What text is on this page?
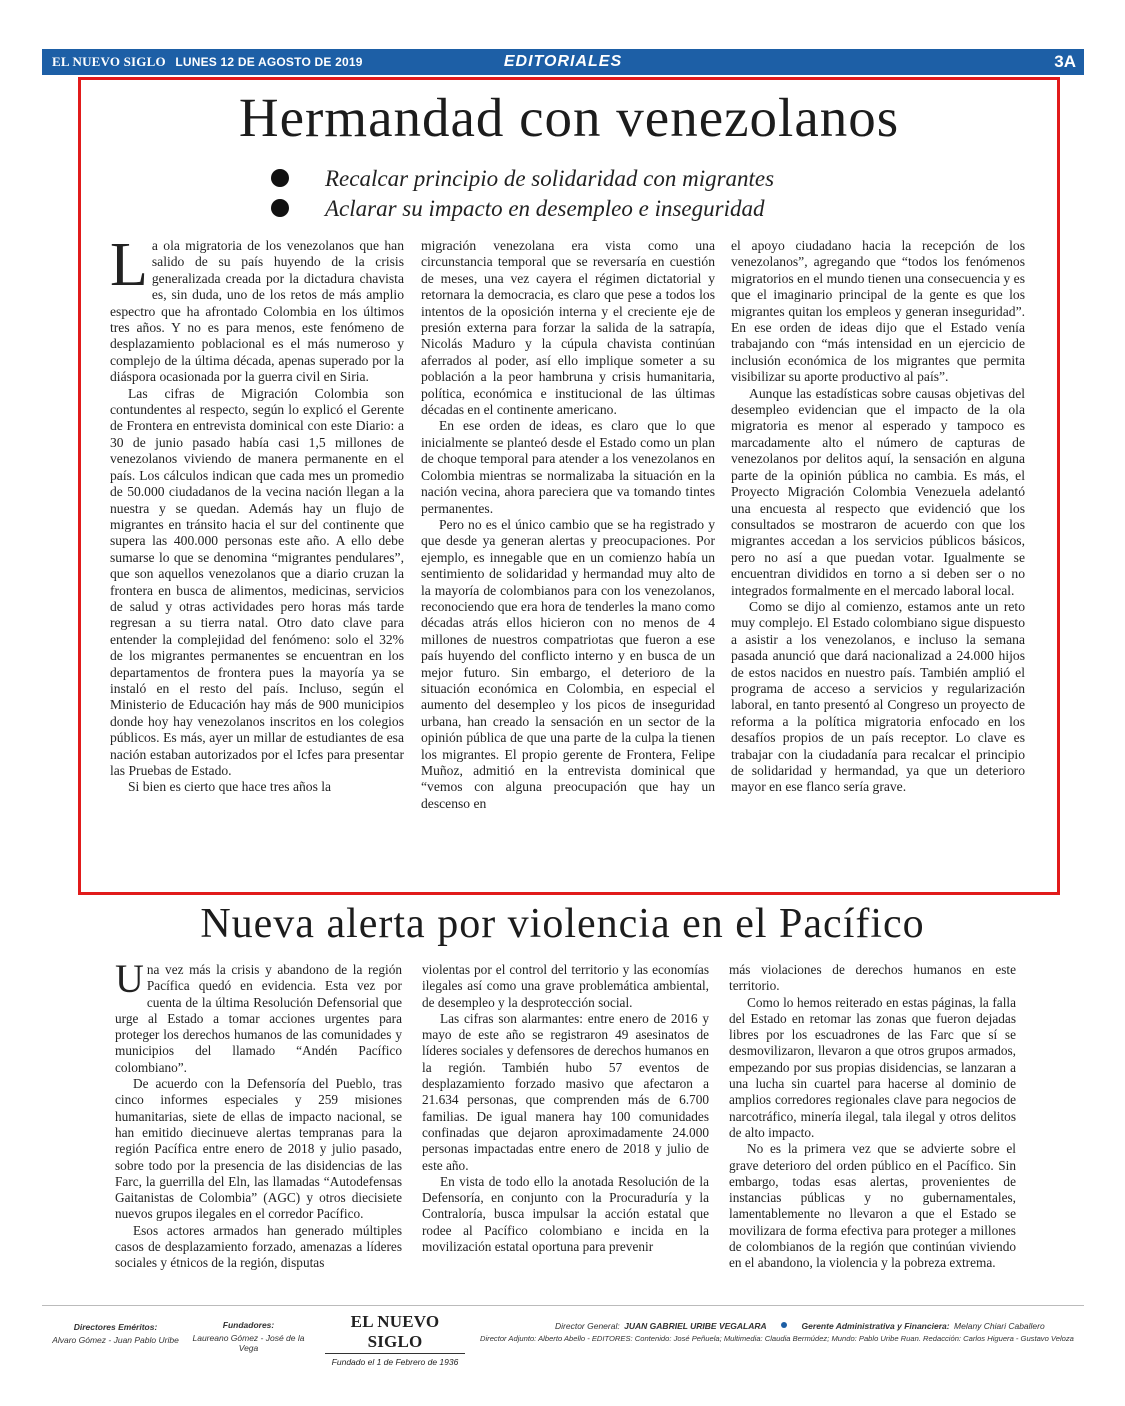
EL NUEVO SIGLO LUNES 12 DE AGOSTO DE 2019	EDITORIALES	3A
Hermandad con venezolanos
Recalcar principio de solidaridad con migrantes
Aclarar su impacto en desempleo e inseguridad

La ola migratoria de los venezolanos que han salido de su país huyendo de la crisis generalizada creada por la dictadura chavista es, sin duda, uno de los retos de más amplio espectro que ha afrontado Colombia en los últimos tres años. Y no es para menos, este fenómeno de desplazamiento poblacional es el más numeroso y complejo de la última década, apenas superado por la diáspora ocasionada por la guerra civil en Siria.

Las cifras de Migración Colombia son contundentes al respecto, según lo explicó el Gerente de Frontera en entrevista dominical con este Diario: a 30 de junio pasado había casi 1,5 millones de venezolanos viviendo de manera permanente en el país. Los cálculos indican que cada mes un promedio de 50.000 ciudadanos de la vecina nación llegan a la nuestra y se quedan. Además hay un flujo de migrantes en tránsito hacia el sur del continente que supera las 400.000 personas este año. A ello debe sumarse lo que se denomina “migrantes pendulares”, que son aquellos venezolanos que a diario cruzan la frontera en busca de alimentos, medicinas, servicios de salud y otras actividades pero horas más tarde regresan a su tierra natal. Otro dato clave para entender la complejidad del fenómeno: solo el 32% de los migrantes permanentes se encuentran en los departamentos de frontera pues la mayoría ya se instaló en el resto del país. Incluso, según el Ministerio de Educación hay más de 900 municipios donde hoy hay venezolanos inscritos en los colegios públicos. Es más, ayer un millar de estudiantes de esa nación estaban autorizados por el Icfes para presentar las Pruebas de Estado.

Si bien es cierto que hace tres años la

migración venezolana era vista como una circunstancia temporal que se reversaría en cuestión de meses, una vez cayera el régimen dictatorial y retornara la democracia, es claro que pese a todos los intentos de la oposición interna y el creciente eje de presión externa para forzar la salida de la satrapía, Nicolás Maduro y la cúpula chavista continúan aferrados al poder, así ello implique someter a su población a la peor hambruna y crisis humanitaria, política, económica e institucional de las últimas décadas en el continente americano.

En ese orden de ideas, es claro que lo que inicialmente se planteó desde el Estado como un plan de choque temporal para atender a los venezolanos en Colombia mientras se normalizaba la situación en la nación vecina, ahora pareciera que va tomando tintes permanentes.

Pero no es el único cambio que se ha registrado y que desde ya generan alertas y preocupaciones. Por ejemplo, es innegable que en un comienzo había un sentimiento de solidaridad y hermandad muy alto de la mayoría de colombianos para con los venezolanos, reconociendo que era hora de tenderles la mano como décadas atrás ellos hicieron con no menos de 4 millones de nuestros compatriotas que fueron a ese país huyendo del conflicto interno y en busca de un mejor futuro. Sin embargo, el deterioro de la situación económica en Colombia, en especial el aumento del desempleo y los picos de inseguridad urbana, han creado la sensación en un sector de la opinión pública de que una parte de la culpa la tienen los migrantes. El propio gerente de Frontera, Felipe Muñoz, admitió en la entrevista dominical que “vemos con alguna preocupación que hay un descenso en

el apoyo ciudadano hacia la recepción de los venezolanos”, agregando que “todos los fenómenos migratorios en el mundo tienen una consecuencia y es que el imaginario principal de la gente es que los migrantes quitan los empleos y generan inseguridad”. En ese orden de ideas dijo que el Estado venía trabajando con “más intensidad en un ejercicio de inclusión económica de los migrantes que permita visibilizar su aporte productivo al país”.

Aunque las estadísticas sobre causas objetivas del desempleo evidencian que el impacto de la ola migratoria es menor al esperado y tampoco es marcadamente alto el número de capturas de venezolanos por delitos aquí, la sensación en alguna parte de la opinión pública no cambia. Es más, el Proyecto Migración Colombia Venezuela adelantó una encuesta al respecto que evidenció que los consultados se mostraron de acuerdo con que los migrantes accedan a los servicios públicos básicos, pero no así a que puedan votar. Igualmente se encuentran divididos en torno a si deben ser o no integrados formalmente en el mercado laboral local.

Como se dijo al comienzo, estamos ante un reto muy complejo. El Estado colombiano sigue dispuesto a asistir a los venezolanos, e incluso la semana pasada anunció que dará nacionalizad a 24.000 hijos de estos nacidos en nuestro país. También amplió el programa de acceso a servicios y regularización laboral, en tanto presentó al Congreso un proyecto de reforma a la política migratoria enfocado en los desafíos propios de un país receptor. Lo clave es trabajar con la ciudadanía para recalcar el principio de solidaridad y hermandad, ya que un deterioro mayor en ese flanco sería grave.

Nueva alerta por violencia en el Pacífico

Una vez más la crisis y abandono de la región Pacífica quedó en evidencia. Esta vez por cuenta de la última Resolución Defensorial que urge al Estado a tomar acciones urgentes para proteger los derechos humanos de las comunidades y municipios del llamado “Andén Pacífico colombiano”.

De acuerdo con la Defensoría del Pueblo, tras cinco informes especiales y 259 misiones humanitarias, siete de ellas de impacto nacional, se han emitido diecinueve alertas tempranas para la región Pacífica entre enero de 2018 y julio pasado, sobre todo por la presencia de las disidencias de las Farc, la guerrilla del Eln, las llamadas “Autodefensas Gaitanistas de Colombia” (AGC) y otros diecisiete nuevos grupos ilegales en el corredor Pacífico.

Esos actores armados han generado múltiples casos de desplazamiento forzado, amenazas a líderes sociales y étnicos de la región, disputas

violentas por el control del territorio y las economías ilegales así como una grave problemática ambiental, de desempleo y la desprotección social.

Las cifras son alarmantes: entre enero de 2016 y mayo de este año se registraron 49 asesinatos de líderes sociales y defensores de derechos humanos en la región. También hubo 57 eventos de desplazamiento forzado masivo que afectaron a 21.634 personas, que comprenden más de 6.700 familias. De igual manera hay 100 comunidades confinadas que dejaron aproximadamente 24.000 personas impactadas entre enero de 2018 y julio de este año.

En vista de todo ello la anotada Resolución de la Defensoría, en conjunto con la Procuraduría y la Contraloría, busca impulsar la acción estatal que rodee al Pacífico colombiano e incida en la movilización estatal oportuna para prevenir

más violaciones de derechos humanos en este territorio.

Como lo hemos reiterado en estas páginas, la falla del Estado en retomar las zonas que fueron dejadas libres por los escuadrones de las Farc que sí se desmovilizaron, llevaron a que otros grupos armados, empezando por sus propias disidencias, se lanzaran a una lucha sin cuartel para hacerse al dominio de amplios corredores regionales clave para negocios de narcotráfico, minería ilegal, tala ilegal y otros delitos de alto impacto.

No es la primera vez que se advierte sobre el grave deterioro del orden público en el Pacífico. Sin embargo, todas esas alertas, provenientes de instancias públicas y no gubernamentales, lamentablemente no llevaron a que el Estado se movilizara de forma efectiva para proteger a millones de colombianos de la región que continúan viviendo en el abandono, la violencia y la pobreza extrema.

Directores Eméritos:
Alvaro Gómez - Juan Pablo Uribe
Fundadores:
Laureano Gómez - José de la Vega
EL NUEVO SIGLO
Fundado el 1 de Febrero de 1936
Director General: JUAN GABRIEL URIBE VEGALARA	Gerente Administrativa y Financiera: Melany Chiari Caballero
Director Adjunto: Alberto Abello - EDITORES: Contenido: José Peñuela; Multimedia: Claudia Bermúdez; Mundo: Pablo Uribe Ruan. Redacción: Carlos Higuera - Gustavo Veloza
